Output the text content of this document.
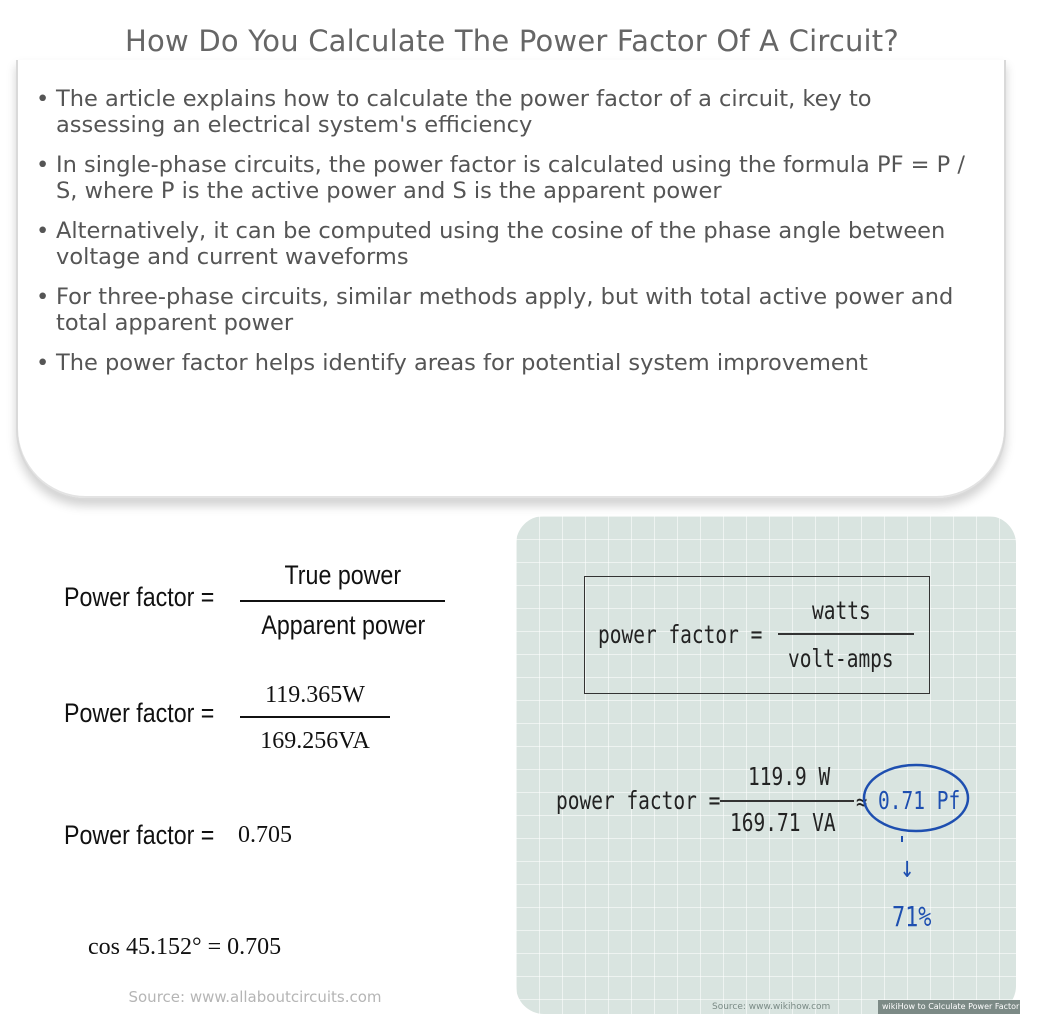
How Do You Calculate The Power Factor Of A Circuit?
• The article explains how to calculate the power factor of a circuit, key to assessing an electrical system's efficiency
• In single-phase circuits, the power factor is calculated using the formula PF = P / S, where P is the active power and S is the apparent power
• Alternatively, it can be computed using the cosine of the phase angle between voltage and current waveforms
• For three-phase circuits, similar methods apply, but with total active power and total apparent power
• The power factor helps identify areas for potential system improvement
Power factor =
True power
Apparent power
Power factor =
119.365W
169.256VA
Power factor = 0.705
cos 45.152° = 0.705
Source: www.allaboutcircuits.com
power factor =
watts
volt-amps
power factor =
119.9 W
169.71 VA
≈ 0.71 Pf
↓
71%
Source: www.wikihow.com	wikiHow to Calculate Power Factor Correction
